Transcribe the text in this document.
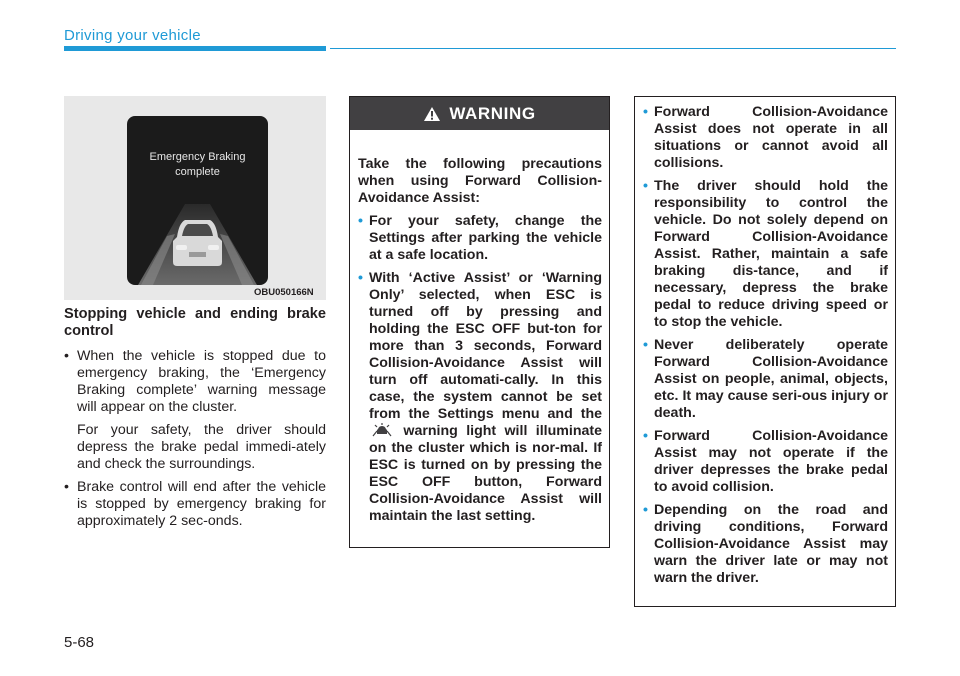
Driving your vehicle
Emergency Braking
complete
OBU050166N
Stopping vehicle and ending brake control
• When the vehicle is stopped due to emergency braking, the ‘Emergency Braking complete’ warning message will appear on the cluster.
For your safety, the driver should depress the brake pedal immedi-ately and check the surroundings.
• Brake control will end after the vehicle is stopped by emergency braking for approximately 2 sec-onds.
WARNING

Take the following precautions when using Forward Collision-Avoidance Assist:

• For your safety, change the Settings after parking the vehicle at a safe location.
• With ‘Active Assist’ or ‘Warning Only’ selected, when ESC is turned off by pressing and holding the ESC OFF but-ton for more than 3 seconds, Forward Collision-Avoidance Assist will turn off automati-cally. In this case, the system cannot be set from the Settings menu and the  warning light will illuminate on the cluster which is nor-mal. If ESC is turned on by pressing the ESC OFF button, Forward Collision-Avoidance Assist will maintain the last setting.
• Forward Collision-Avoidance Assist does not operate in all situations or cannot avoid all collisions.
• The driver should hold the responsibility to control the vehicle. Do not solely depend on Forward Collision-Avoidance Assist. Rather, maintain a safe braking dis-tance, and if necessary, depress the brake pedal to reduce driving speed or to stop the vehicle.
• Never deliberately operate Forward Collision-Avoidance Assist on people, animal, objects, etc. It may cause seri-ous injury or death.
• Forward Collision-Avoidance Assist may not operate if the driver depresses the brake pedal to avoid collision.
• Depending on the road and driving conditions, Forward Collision-Avoidance Assist may warn the driver late or may not warn the driver.
5-68
